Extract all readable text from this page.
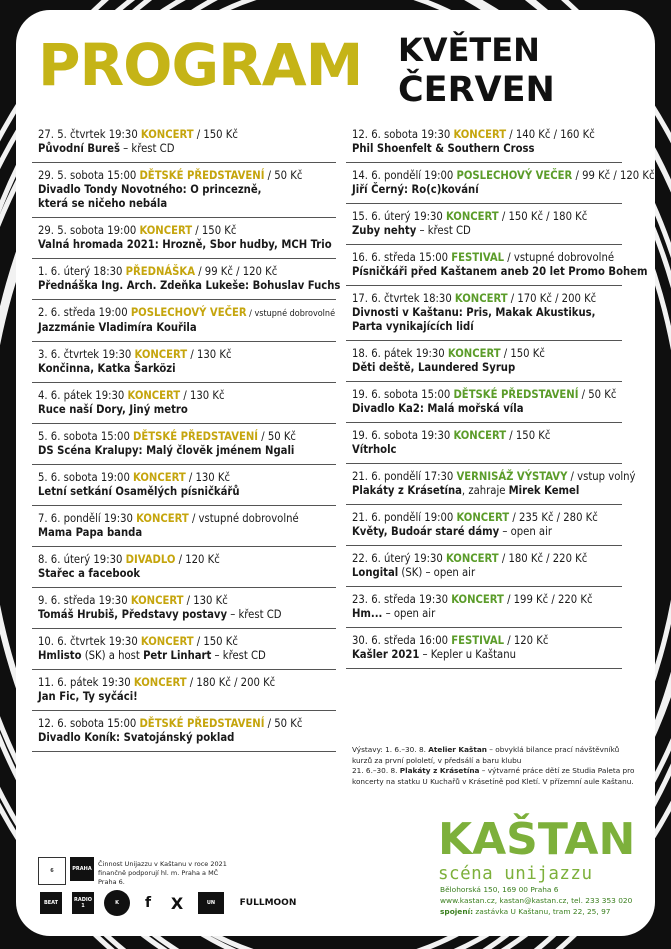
PROGRAM KVĚTEN
ČERVEN
27. 5. čtvrtek 19:30 KONCERT / 150 Kč
Původní Bureš – křest CD
29. 5. sobota 15:00 DĚTSKÉ PŘEDSTAVENÍ / 50 Kč
Divadlo Tondy Novotného: O princezně,
která se ničeho nebála
29. 5. sobota 19:00 KONCERT / 150 Kč
Valná hromada 2021: Hrozně, Sbor hudby, MCH Trio
1. 6. úterý 18:30 PŘEDNÁŠKA / 99 Kč / 120 Kč
Přednáška Ing. Arch. Zdeňka Lukeše: Bohuslav Fuchs
2. 6. středa 19:00 POSLECHOVÝ VEČER / vstupné dobrovolné
Jazzmánie Vladimíra Kouřila
3. 6. čtvrtek 19:30 KONCERT / 130 Kč
Končinna, Katka Šarközi
4. 6. pátek 19:30 KONCERT / 130 Kč
Ruce naší Dory, Jiný metro
5. 6. sobota 15:00 DĚTSKÉ PŘEDSTAVENÍ / 50 Kč
DS Scéna Kralupy: Malý človĕk jménem Ngali
5. 6. sobota 19:00 KONCERT / 130 Kč
Letní setkání Osamělých písničkářů
7. 6. pondělí 19:30 KONCERT / vstupné dobrovolné
Mama Papa banda
8. 6. úterý 19:30 DIVADLO / 120 Kč
Stařec a facebook
9. 6. středa 19:30 KONCERT / 130 Kč
Tomáš Hrubiš, Představy postavy – křest CD
10. 6. čtvrtek 19:30 KONCERT / 150 Kč
Hmlisto (SK) a host Petr Linhart – křest CD
11. 6. pátek 19:30 KONCERT / 180 Kč / 200 Kč
Jan Fic, Ty syčáci!
12. 6. sobota 15:00 DĚTSKÉ PŘEDSTAVENÍ / 50 Kč
Divadlo Koník: Svatojánský poklad
12. 6. sobota 19:30 KONCERT / 140 Kč / 160 Kč
Phil Shoenfelt & Southern Cross
14. 6. pondělí 19:00 POSLECHOVÝ VEČER / 99 Kč / 120 Kč
Jiří Černý: Ro(c)kování
15. 6. úterý 19:30 KONCERT / 150 Kč / 180 Kč
Zuby nehty – křest CD
16. 6. středa 15:00 FESTIVAL / vstupné dobrovolné
Písničkáři před Kaštanem aneb 20 let Promo Bohem
17. 6. čtvrtek 18:30 KONCERT / 170 Kč / 200 Kč
Divnosti v Kaštanu: Pris, Makak Akustikus,
Parta vynikajících lidí
18. 6. pátek 19:30 KONCERT / 150 Kč
Děti deště, Laundered Syrup
19. 6. sobota 15:00 DĚTSKÉ PŘEDSTAVENÍ / 50 Kč
Divadlo Ka2: Malá mořská víla
19. 6. sobota 19:30 KONCERT / 150 Kč
Vítrholc
21. 6. pondělí 17:30 VERNISÁŽ VÝSTAVY / vstup volný
Plakáty z Krásetína, zahraje Mirek Kemel
21. 6. pondělí 19:00 KONCERT / 235 Kč / 280 Kč
Květy, Budoár staré dámy – open air
22. 6. úterý 19:30 KONCERT / 180 Kč / 220 Kč
Longital (SK) – open air
23. 6. středa 19:30 KONCERT / 199 Kč / 220 Kč
Hm... – open air
30. 6. středa 16:00 FESTIVAL / 120 Kč
Kašler 2021 – Kepler u Kaštanu
Výstavy: 1. 6.–30. 8. Atelier Kaštan – obvyklá bilance prací návštěvníků kurzů za první pololetí, v předsálí a baru klubu
21. 6.–30. 8. Plakáty z Krásetína – výtvarné práce dětí ze Studia Paleta pro koncerty na statku U Kuchařů v Krásetíně pod Kletí. V přízemní aule Kaštanu.
KAŠTAN
scéna unijazzu
Bělohorská 150, 169 00 Praha 6
www.kastan.cz, kastan@kastan.cz, tel. 233 353 020
spojení: zastávka U Kaštanu, tram 22, 25, 97
Činnost Unijazzu v Kaštanu v roce 2021 finančně podporují hl. m. Praha a MČ Praha 6.
6	PRAHA
BEAT	RADIO 1	K	f	X	UN	FULLMOON
